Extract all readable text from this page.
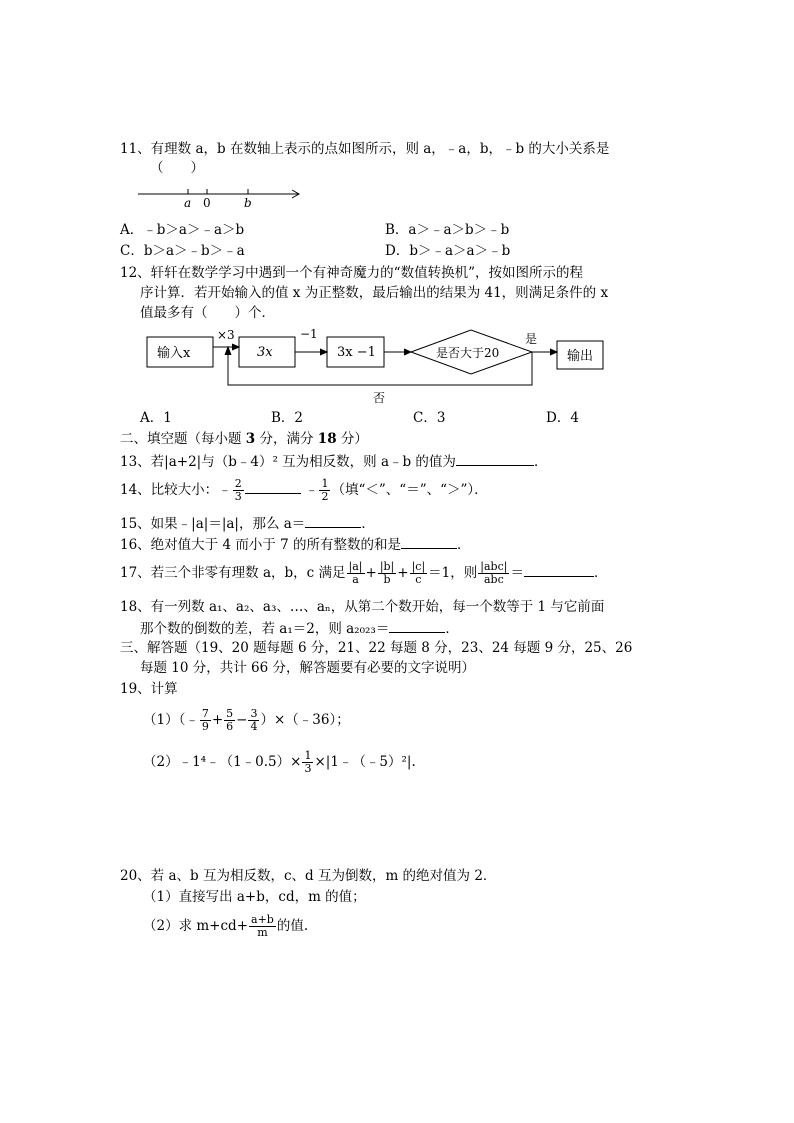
11、有理数 a，b 在数轴上表示的点如图所示，则 a，﹣a，b，﹣b 的大小关系是
（　　）
a 0	b
A．﹣b＞a＞﹣a＞b	B．a＞﹣a＞b＞﹣b
C．b＞a＞﹣b＞﹣a	D．b＞﹣a＞a＞﹣b
12、轩轩在数学学习中遇到一个有神奇魔力的“数值转换机”，按如图所示的程
序计算．若开始输入的值 x 为正整数，最后输出的结果为 41，则满足条件的 x
值最多有（　　）个．
输入x
×3
3x
−1
3x −1	是否大于20
是
输出
否
A．1	B．2	C．3	D．4
二、填空题（每小题 3 分，满分 18 分）
13、若|a+2|与（b﹣4）² 互为相反数，则 a﹣b 的值为	．
14、比较大小：﹣ $\frac{2}{3}$	﹣ $\frac{1}{2}$ （填“＜”、“＝”、“＞”）．
15、如果﹣|a|＝|a|，那么 a＝	．
16、绝对值大于 4 而小于 7 的所有整数的和是	．
17、若三个非零有理数 a，b，c 满足 $\frac{|a|}{a} + \frac{|b|}{b} + \frac{|c|}{c} =1$，则 $\frac{\text{|abc|}}{\text{abc}}$ ＝	．
18、有一列数 a₁、a₂、a₃、…、aₙ，从第二个数开始，每一个数等于 1 与它前面
那个数的倒数的差，若 a₁＝2，则 a₂₀₂₃＝	．
三、解答题（19、20 题每题 6 分，21、22 每题 8 分，23、24 每题 9 分，25、26
每题 10 分，共计 66 分，解答题要有必要的文字说明）
19、计算
（1）（﹣ $\frac{7}{9} + \frac{5}{6} - \frac{3}{4}$ ）×（﹣36）；
（2）﹣1⁴﹣（1﹣0.5）× $\frac{1}{3}$ ×|1﹣（﹣5）²|.
20、若 a、b 互为相反数，c、d 互为倒数，m 的绝对值为 2．
（1）直接写出 a+b，cd，m 的值；
（2）求 $m+cd+ \frac{a+b}{m}$ 的值.
